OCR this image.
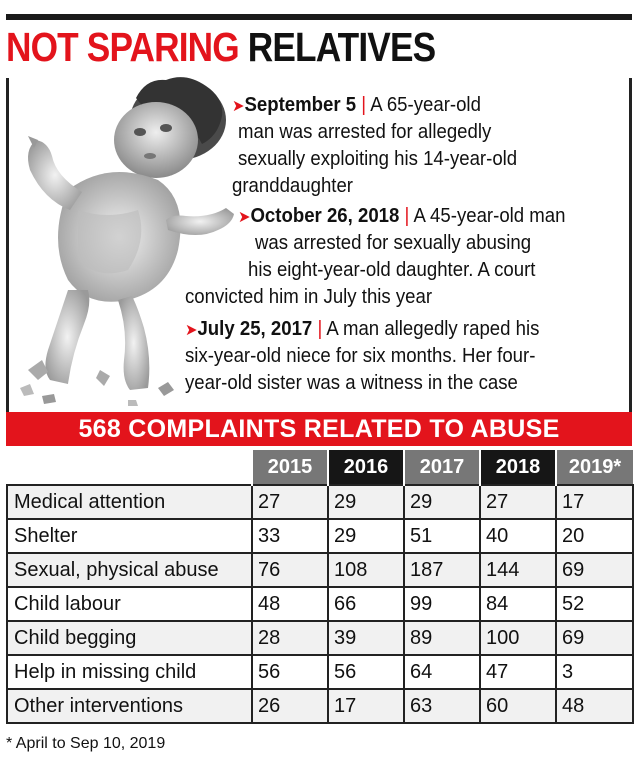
NOT SPARING RELATIVES
➤September 5 | A 65-year-old
man was arrested for allegedly
sexually exploiting his 14-year-old
granddaughter
➤October 26, 2018 | A 45-year-old man
was arrested for sexually abusing
his eight-year-old daughter. A court
convicted him in July this year
➤July 25, 2017 | A man allegedly raped his
six-year-old niece for six months. Her four-
year-old sister was a witness in the case
568 COMPLAINTS RELATED TO ABUSE
	2015	2016	2017	2018	2019*
Medical attention	27	29	29	27	17
Shelter	33	29	51	40	20
Sexual, physical abuse	76	108	187	144	69
Child labour	48	66	99	84	52
Child begging	28	39	89	100	69
Help in missing child	56	56	64	47	3
Other interventions	26	17	63	60	48
* April to Sep 10, 2019
